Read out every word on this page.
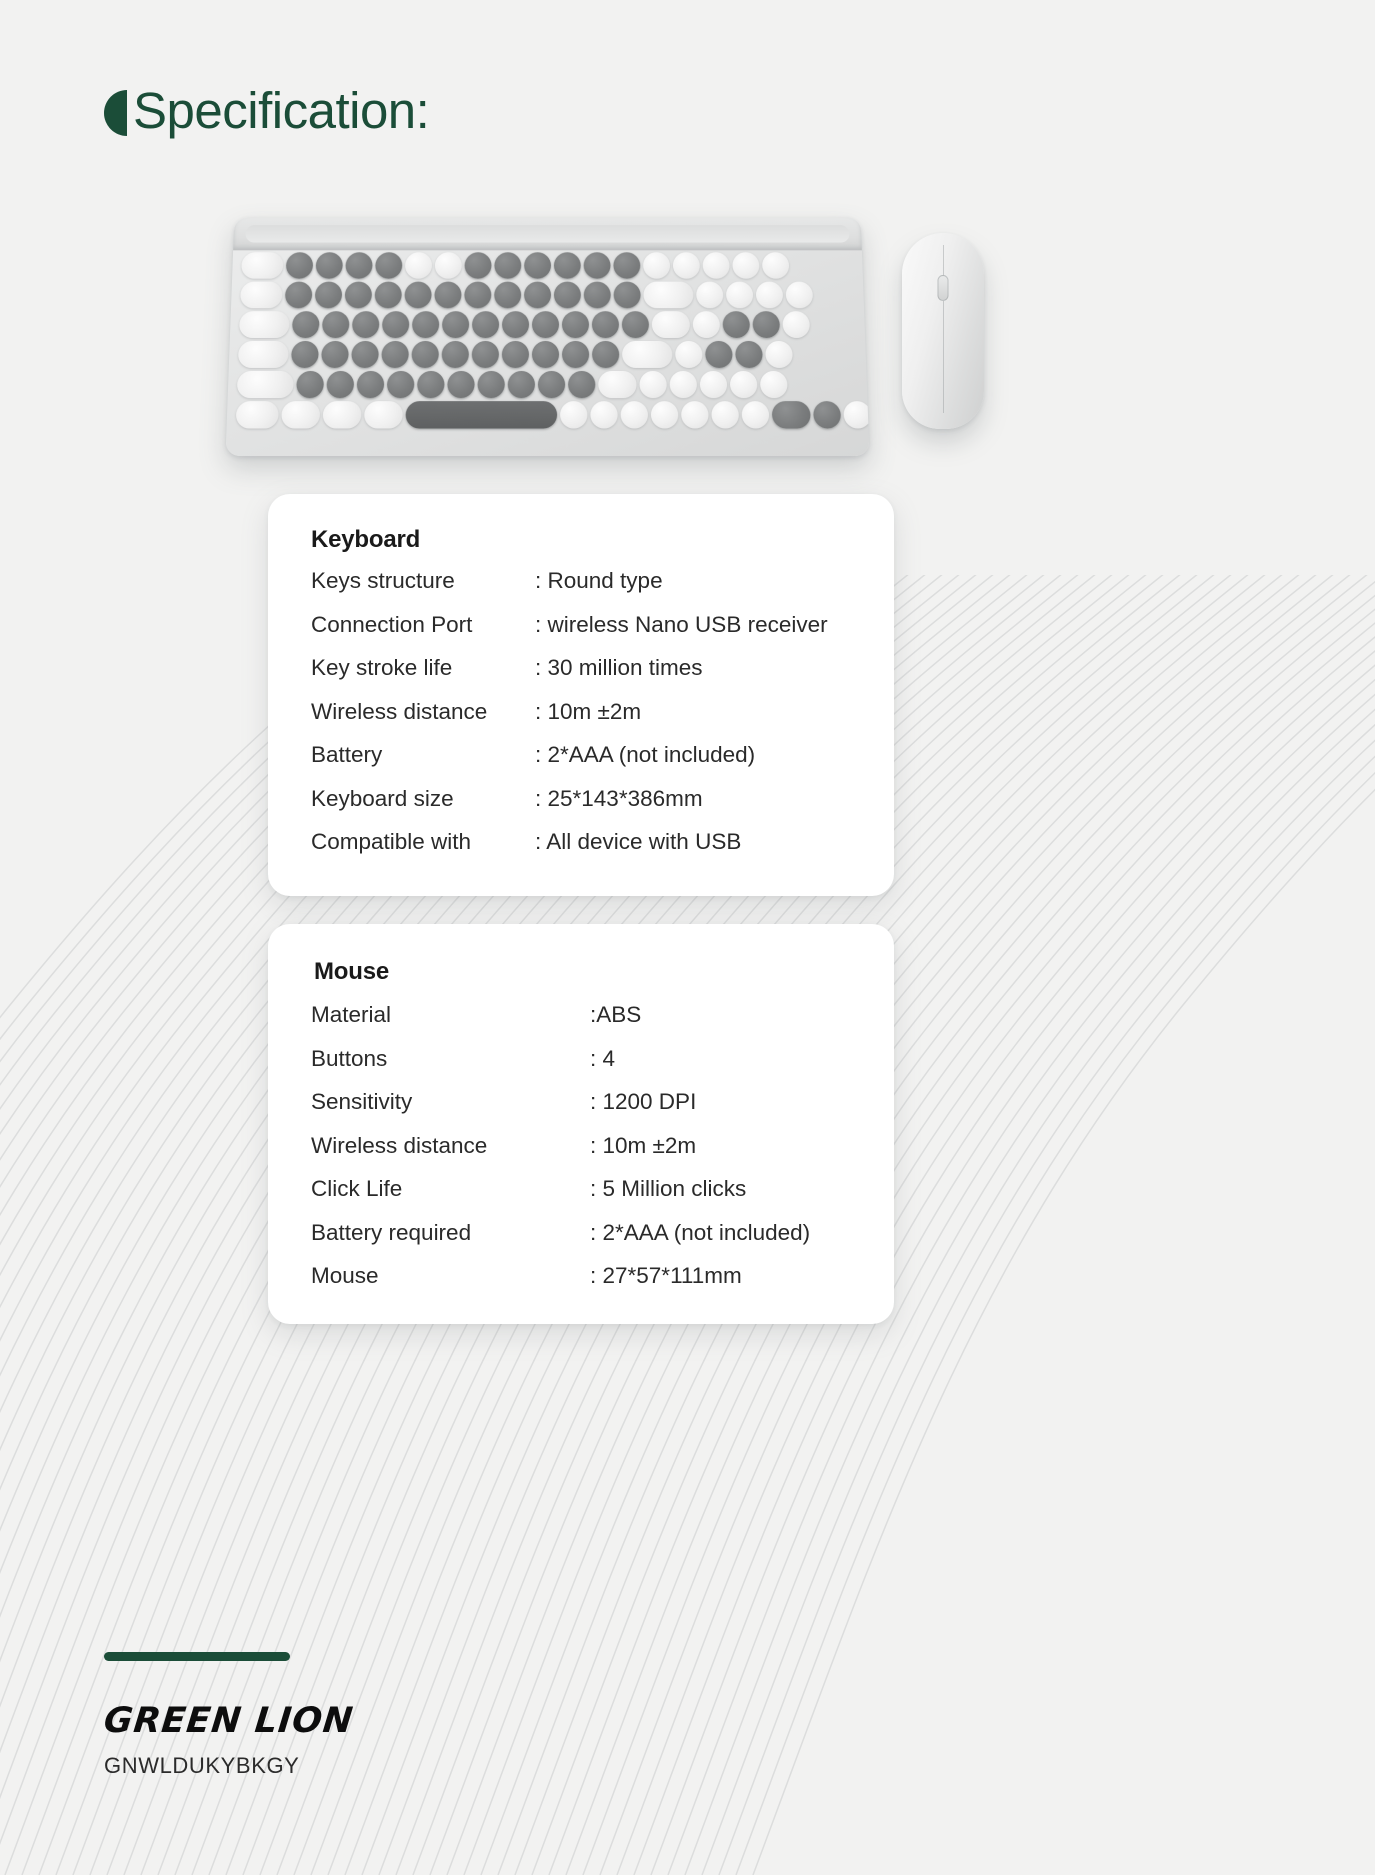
Specification:
Keyboard
Keys structure	: Round type
Connection Port	: wireless Nano USB receiver
Key stroke life	: 30 million times
Wireless distance	: 10m ±2m
Battery	: 2*AAA (not included)
Keyboard size	: 25*143*386mm
Compatible with	: All device with USB
Mouse
Material	:ABS
Buttons	: 4
Sensitivity	: 1200 DPI
Wireless distance	: 10m ±2m
Click Life	: 5 Million clicks
Battery required	: 2*AAA (not included)
Mouse	: 27*57*111mm
GREEN LION
GNWLDUKYBKGY
